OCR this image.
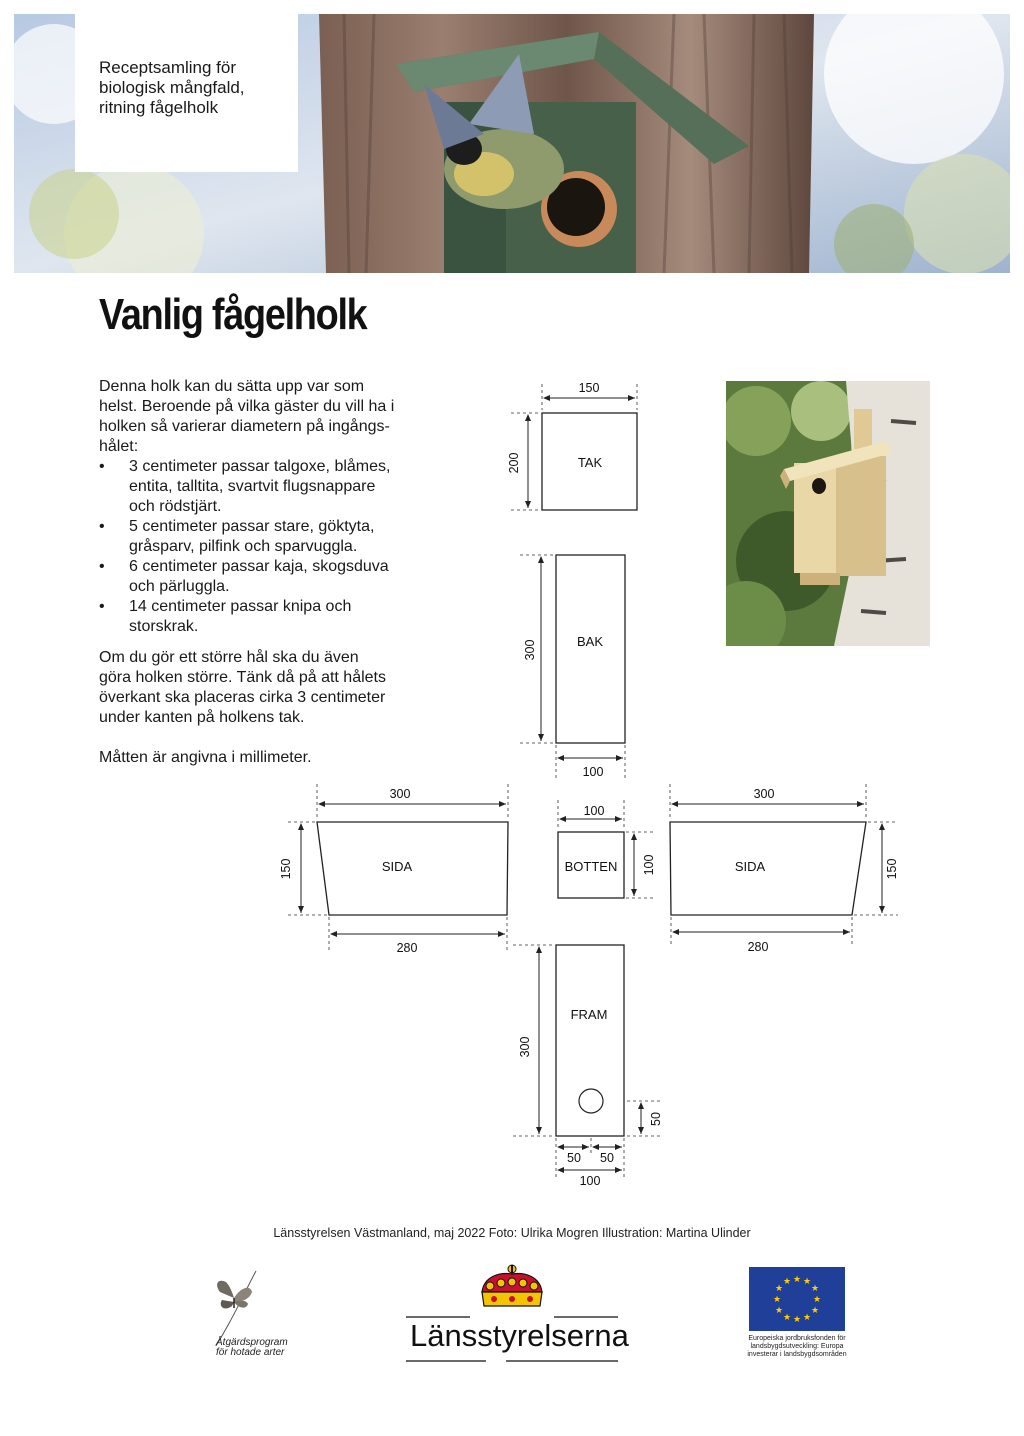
Receptsamling för
biologisk mångfald,
ritning fågelholk
Vanlig fågelholk

Denna holk kan du sätta upp var som

helst. Beroende på vilka gäster du vill ha i

holken så varierar diametern på ingångs-

hålet:

• 3 centimeter passar talgoxe, blåmes,
entita, talltita, svartvit flugsnappare
och rödstjärt.
• 5 centimeter passar stare, göktyta,
gråsparv, pilfink och sparvuggla.
• 6 centimeter passar kaja, skogsduva
och pärluggla.
• 14 centimeter passar knipa och
storskrak.

Om du gör ett större hål ska du även

göra holken större. Tänk då på att hålets

överkant ska placeras cirka 3 centimeter

under kanten på holkens tak.

Måtten är angivna i millimeter.

TAK
150
200
BAK
300
100
SIDA
300
150
280
BOTTEN
100
100	SIDA
300
150
280
FRAM
300
50
50 50
100
Länsstyrelsen Västmanland, maj 2022 Foto: Ulrika Mogren Illustration: Martina Ulinder
Åtgärdsprogram
för hotade arter	Länsstyrelserna
★ ★
★
★
★
★
★
★
★
★
★
★
Europeiska jordbruksfonden för
landsbygdsutveckling: Europa
investerar i landsbygdsområden
